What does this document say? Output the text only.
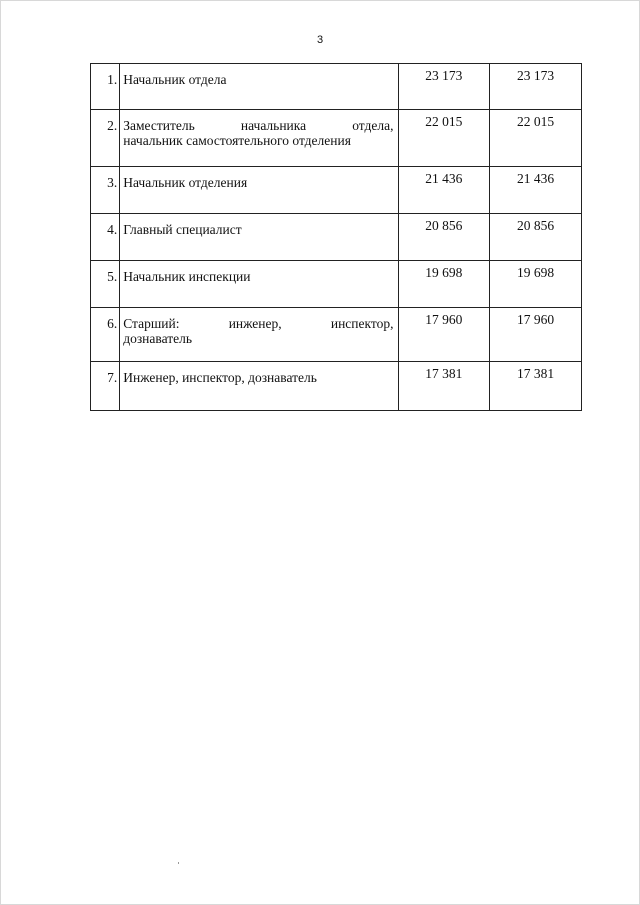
3
1.	Начальник отдела	23 173	23 173
2.	Заместитель начальника отдела,
начальник самостоятельного отделения	22 015	22 015
3.	Начальник отделения	21 436	21 436
4.	Главный специалист	20 856	20 856
5.	Начальник инспекции	19 698	19 698
6.	Старший: инженер, инспектор,
дознаватель	17 960	17 960
7.	Инженер, инспектор, дознаватель	17 381	17 381
